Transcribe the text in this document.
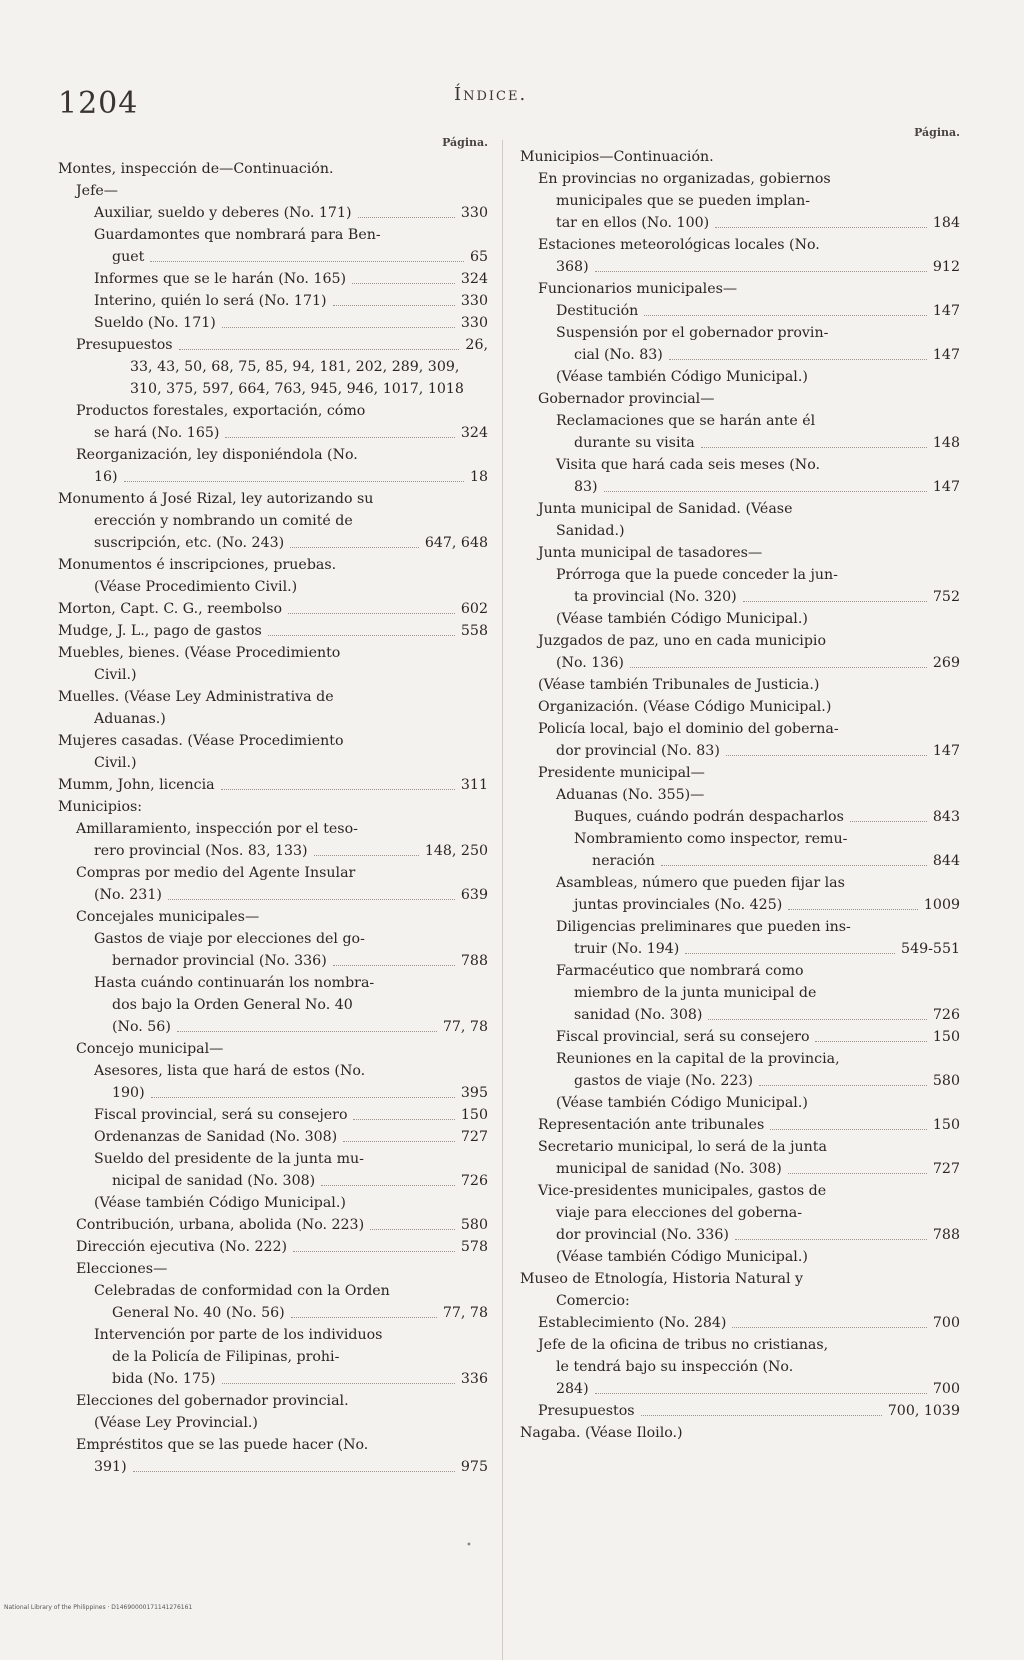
1204	Índice.
Página.
Montes, inspección de—Continuación.
Jefe—
Auxiliar, sueldo y deberes (No. 171)	330
Guardamontes que nombrará para Ben-
guet	65
Informes que se le harán (No. 165)	324
Interino, quién lo será (No. 171)	330
Sueldo (No. 171)	330
Presupuestos	26,
33, 43, 50, 68, 75, 85, 94, 181, 202, 289, 309,
310, 375, 597, 664, 763, 945, 946, 1017, 1018
Productos forestales, exportación, cómo
se hará (No. 165)	324
Reorganización, ley disponiéndola (No.
16)	18
Monumento á José Rizal, ley autorizando su
erección y nombrando un comité de
suscripción, etc. (No. 243)	647, 648
Monumentos é inscripciones, pruebas.
(Véase Procedimiento Civil.)
Morton, Capt. C. G., reembolso	602
Mudge, J. L., pago de gastos	558
Muebles, bienes. (Véase Procedimiento
Civil.)
Muelles. (Véase Ley Administrativa de
Aduanas.)
Mujeres casadas. (Véase Procedimiento
Civil.)
Mumm, John, licencia	311
Municipios:
Amillaramiento, inspección por el teso-
rero provincial (Nos. 83, 133)	148, 250
Compras por medio del Agente Insular
(No. 231)	639
Concejales municipales—
Gastos de viaje por elecciones del go-
bernador provincial (No. 336)	788
Hasta cuándo continuarán los nombra-
dos bajo la Orden General No. 40
(No. 56)	77, 78
Concejo municipal—
Asesores, lista que hará de estos (No.
190)	395
Fiscal provincial, será su consejero	150
Ordenanzas de Sanidad (No. 308)	727
Sueldo del presidente de la junta mu-
nicipal de sanidad (No. 308)	726
(Véase también Código Municipal.)
Contribución, urbana, abolida (No. 223)	580
Dirección ejecutiva (No. 222)	578
Elecciones—
Celebradas de conformidad con la Orden
General No. 40 (No. 56)	77, 78
Intervención por parte de los individuos
de la Policía de Filipinas, prohi-
bida (No. 175)	336
Elecciones del gobernador provincial.
(Véase Ley Provincial.)
Empréstitos que se las puede hacer (No.
391)	975
Página.
Municipios—Continuación.
En provincias no organizadas, gobiernos
municipales que se pueden implan-
tar en ellos (No. 100)	184
Estaciones meteorológicas locales (No.
368)	912
Funcionarios municipales—
Destitución	147
Suspensión por el gobernador provin-
cial (No. 83)	147
(Véase también Código Municipal.)
Gobernador provincial—
Reclamaciones que se harán ante él
durante su visita	148
Visita que hará cada seis meses (No.
83)	147
Junta municipal de Sanidad. (Véase
Sanidad.)
Junta municipal de tasadores—
Prórroga que la puede conceder la jun-
ta provincial (No. 320)	752
(Véase también Código Municipal.)
Juzgados de paz, uno en cada municipio
(No. 136)	269
(Véase también Tribunales de Justicia.)
Organización. (Véase Código Municipal.)
Policía local, bajo el dominio del goberna-
dor provincial (No. 83)	147
Presidente municipal—
Aduanas (No. 355)—
Buques, cuándo podrán despacharlos	843
Nombramiento como inspector, remu-
neración	844
Asambleas, número que pueden fijar las
juntas provinciales (No. 425)	1009
Diligencias preliminares que pueden ins-
truir (No. 194)	549-551
Farmacéutico que nombrará como
miembro de la junta municipal de
sanidad (No. 308)	726
Fiscal provincial, será su consejero	150
Reuniones en la capital de la provincia,
gastos de viaje (No. 223)	580
(Véase también Código Municipal.)
Representación ante tribunales	150
Secretario municipal, lo será de la junta
municipal de sanidad (No. 308)	727
Vice-presidentes municipales, gastos de
viaje para elecciones del goberna-
dor provincial (No. 336)	788
(Véase también Código Municipal.)
Museo de Etnología, Historia Natural y
Comercio:
Establecimiento (No. 284)	700
Jefe de la oficina de tribus no cristianas,
le tendrá bajo su inspección (No.
284)	700
Presupuestos	700, 1039
Nagaba. (Véase Iloilo.)
•
National Library of the Philippines · D14690000171141276161
